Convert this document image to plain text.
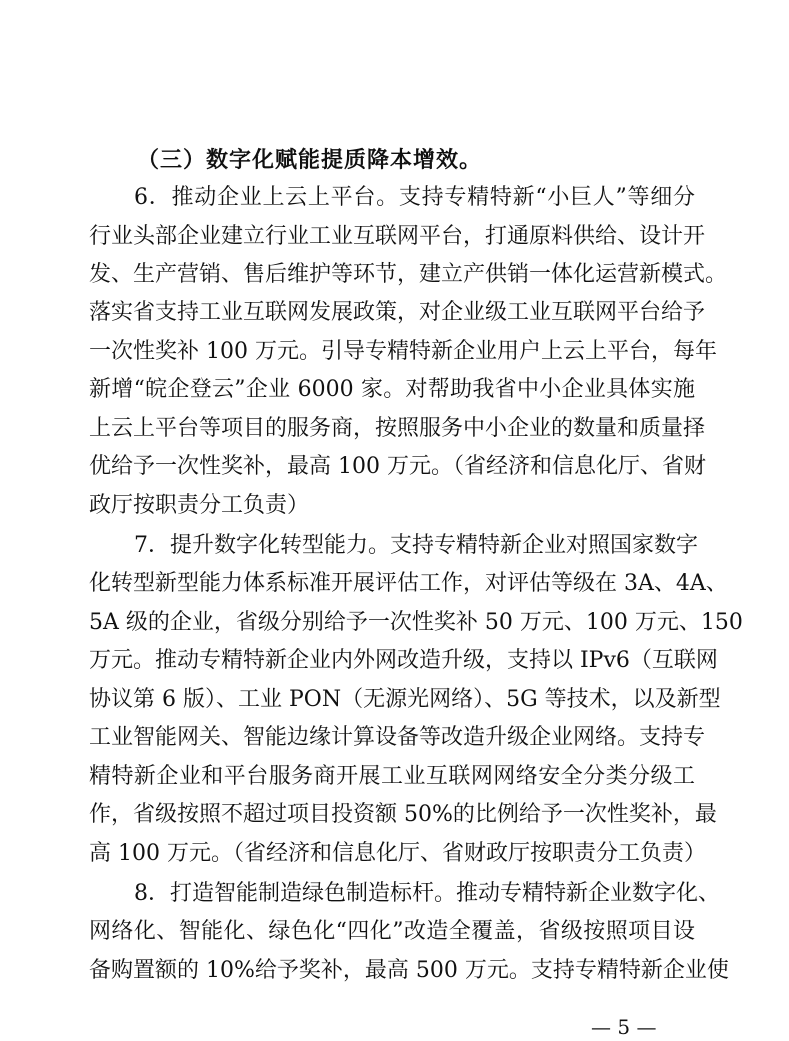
（三）数字化赋能提质降本增效。
6．推动企业上云上平台。支持专精特新“小巨人”等细分
行业头部企业建立行业工业互联网平台，打通原料供给、设计开
发、生产营销、售后维护等环节，建立产供销一体化运营新模式。
落实省支持工业互联网发展政策，对企业级工业互联网平台给予
一次性奖补 100 万元。引导专精特新企业用户上云上平台，每年
新增“皖企登云”企业 6000 家。对帮助我省中小企业具体实施
上云上平台等项目的服务商，按照服务中小企业的数量和质量择
优给予一次性奖补，最高 100 万元。（省经济和信息化厅、省财
政厅按职责分工负责）
7．提升数字化转型能力。支持专精特新企业对照国家数字
化转型新型能力体系标准开展评估工作，对评估等级在 3A、4A、
5A 级的企业，省级分别给予一次性奖补 50 万元、100 万元、150
万元。推动专精特新企业内外网改造升级，支持以 IPv6（互联网
协议第 6 版）、工业 PON（无源光网络）、5G 等技术，以及新型
工业智能网关、智能边缘计算设备等改造升级企业网络。支持专
精特新企业和平台服务商开展工业互联网网络安全分类分级工
作，省级按照不超过项目投资额 50%的比例给予一次性奖补，最
高 100 万元。（省经济和信息化厅、省财政厅按职责分工负责）
8．打造智能制造绿色制造标杆。推动专精特新企业数字化、
网络化、智能化、绿色化“四化”改造全覆盖，省级按照项目设
备购置额的 10%给予奖补，最高 500 万元。支持专精特新企业使
— 5 —
